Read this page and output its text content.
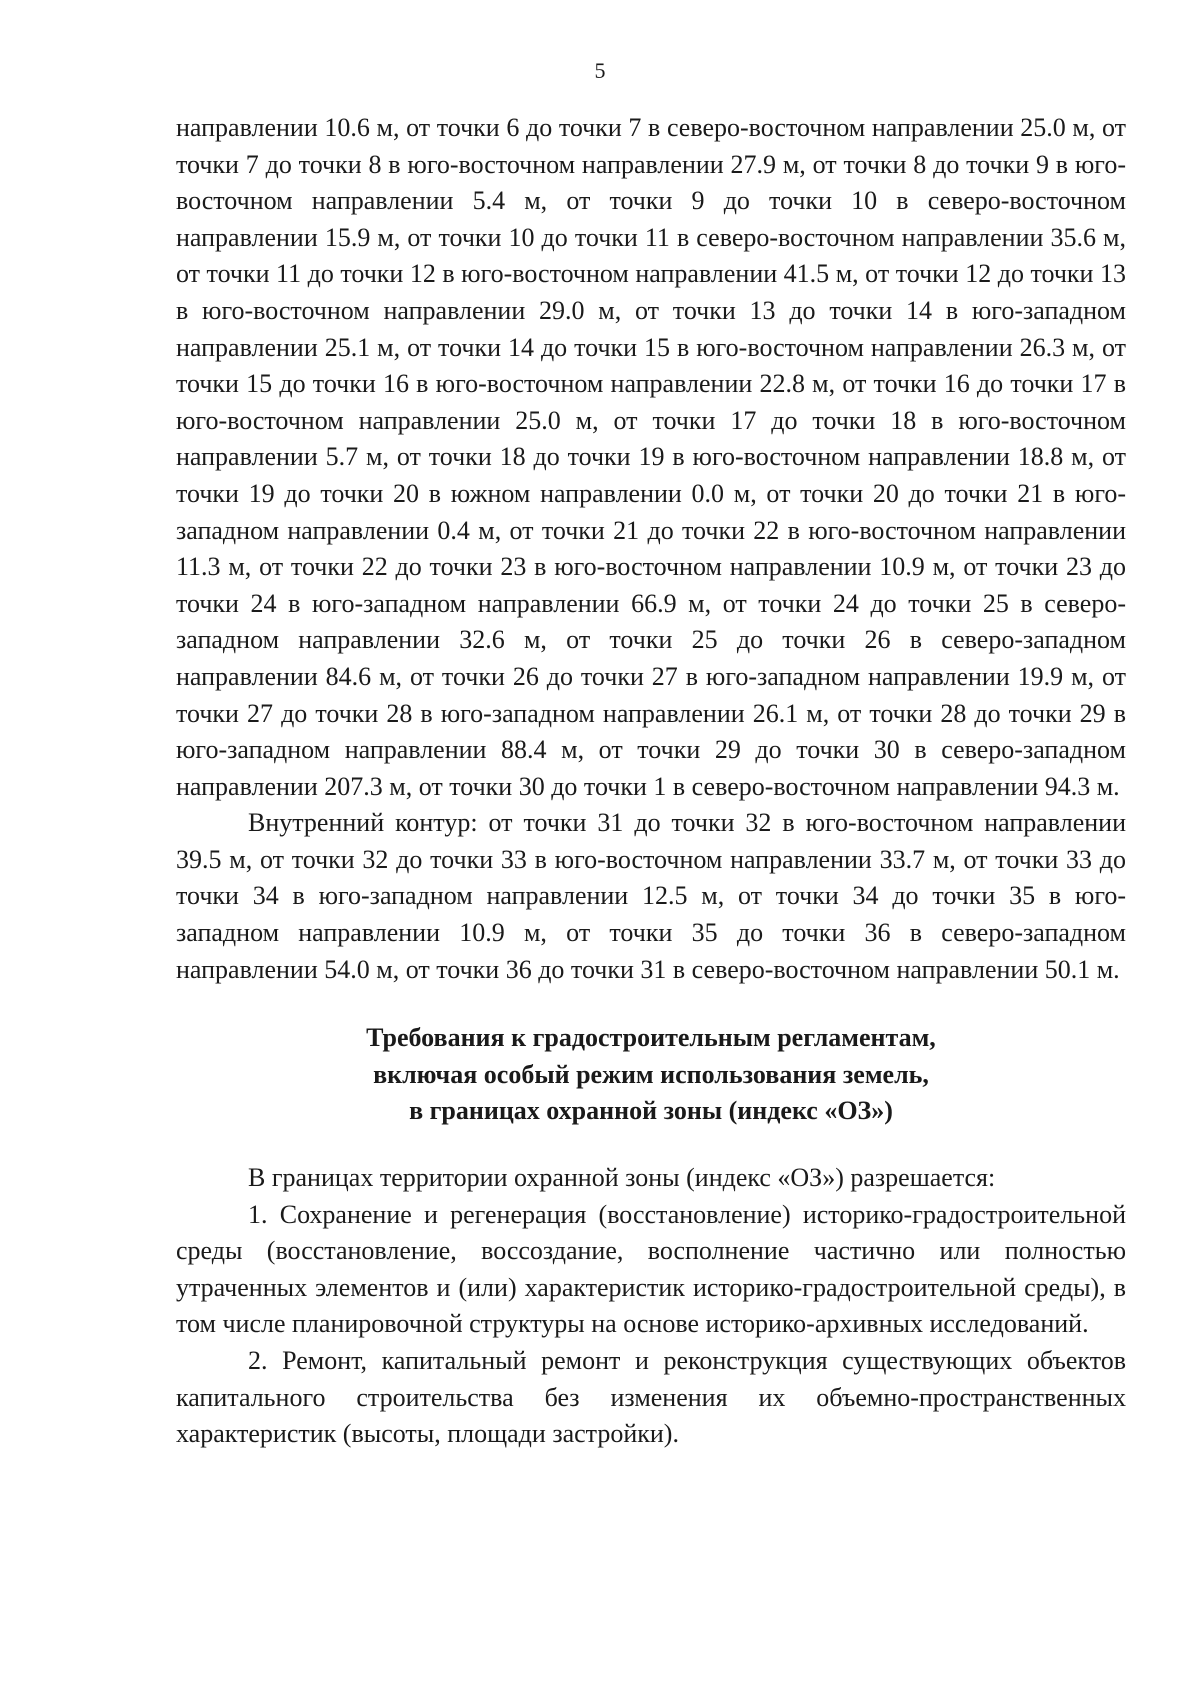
5

направлении 10.6 м, от точки 6 до точки 7 в северо-восточном направлении 25.0 м, от точки 7 до точки 8 в юго-восточном направлении 27.9 м, от точки 8 до точки 9 в юго-восточном направлении 5.4 м, от точки 9 до точки 10 в северо-восточном направлении 15.9 м, от точки 10 до точки 11 в северо-восточном направлении 35.6 м, от точки 11 до точки 12 в юго-восточном направлении 41.5 м, от точки 12 до точки 13 в юго-восточном направлении 29.0 м, от точки 13 до точки 14 в юго-западном направлении 25.1 м, от точки 14 до точки 15 в юго-восточном направлении 26.3 м, от точки 15 до точки 16 в юго-восточном направлении 22.8 м, от точки 16 до точки 17 в юго-восточном направлении 25.0 м, от точки 17 до точки 18 в юго-восточном направлении 5.7 м, от точки 18 до точки 19 в юго-восточном направлении 18.8 м, от точки 19 до точки 20 в южном направлении 0.0 м, от точки 20 до точки 21 в юго-западном направлении 0.4 м, от точки 21 до точки 22 в юго-восточном направлении 11.3 м, от точки 22 до точки 23 в юго-восточном направлении 10.9 м, от точки 23 до точки 24 в юго-западном направлении 66.9 м, от точки 24 до точки 25 в северо-западном направлении 32.6 м, от точки 25 до точки 26 в северо-западном направлении 84.6 м, от точки 26 до точки 27 в юго-западном направлении 19.9 м, от точки 27 до точки 28 в юго-западном направлении 26.1 м, от точки 28 до точки 29 в юго-западном направлении 88.4 м, от точки 29 до точки 30 в северо-западном направлении 207.3 м, от точки 30 до точки 1 в северо-восточном направлении 94.3 м.

Внутренний контур: от точки 31 до точки 32 в юго-восточном направлении 39.5 м, от точки 32 до точки 33 в юго-восточном направлении 33.7 м, от точки 33 до точки 34 в юго-западном направлении 12.5 м, от точки 34 до точки 35 в юго-западном направлении 10.9 м, от точки 35 до точки 36 в северо-западном направлении 54.0 м, от точки 36 до точки 31 в северо-восточном направлении 50.1 м.

Требования к градостроительным регламентам,
включая особый режим использования земель,
в границах охранной зоны (индекс «ОЗ»)

В границах территории охранной зоны (индекс «ОЗ») разрешается:

1. Сохранение и регенерация (восстановление) историко-градостроительной среды (восстановление, воссоздание, восполнение частично или полностью утраченных элементов и (или) характеристик историко-градостроительной среды), в том числе планировочной структуры на основе историко-архивных исследований.

2. Ремонт, капитальный ремонт и реконструкция существующих объектов капитального строительства без изменения их объемно-пространственных характеристик (высоты, площади застройки).
